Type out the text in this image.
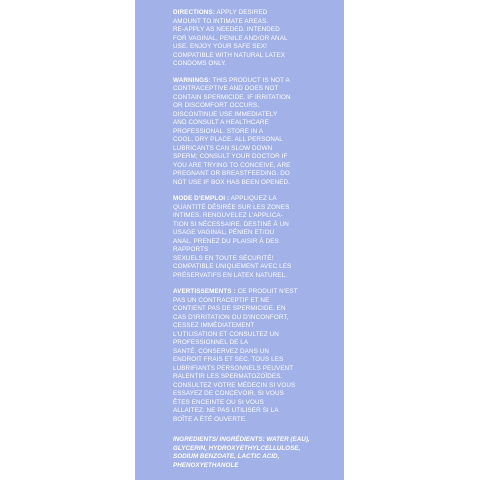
DIRECTIONS: APPLY DESIRED
AMOUNT TO INTIMATE AREAS.
RE-APPLY AS NEEDED. INTENDED
FOR VAGINAL, PENILE AND/OR ANAL
USE. ENJOY YOUR SAFE SEX!
COMPATIBLE WITH NATURAL LATEX
CONDOMS ONLY.
WARNINGS: THIS PRODUCT IS NOT A
CONTRACEPTIVE AND DOES NOT
CONTAIN SPERMICIDE. IF IRRITATION
OR DISCOMFORT OCCURS,
DISCONTINUE USE IMMEDIATELY
AND CONSULT A HEALTHCARE
PROFESSIONAL. STORE IN A
COOL, DRY PLACE. ALL PERSONAL
LUBRICANTS CAN SLOW DOWN
SPERM; CONSULT YOUR DOCTOR IF
YOU ARE TRYING TO CONCEIVE, ARE
PREGNANT OR BREASTFEEDING. DO
NOT USE IF BOX HAS BEEN OPENED.
MODE D'EMPLOI : APPLIQUEZ LA
QUANTITÉ DÉSIRÉE SUR LES ZONES
INTIMES. RENOUVELEZ L'APPLICA-
TION SI NÉCESSAIRE. DESTINÉ À UN
USAGE VAGINAL, PÉNIEN ET/OU
ANAL. PRENEZ DU PLAISIR À DES
RAPPORTS
SEXUELS EN TOUTE SÉCURITÉ!
COMPATIBLE UNIQUEMENT AVEC LES
PRÉSERVATIFS EN LATEX NATUREL.
AVERTISSEMENTS : CE PRODUIT N'EST
PAS UN CONTRACEPTIF ET NE
CONTIENT PAS DE SPERMICIDE. EN
CAS D'IRRITATION OU D'INCONFORT,
CESSEZ IMMÉDIATEMENT
L'UTILISATION ET CONSULTEZ UN
PROFESSIONNEL DE LA
SANTÉ. CONSERVEZ DANS UN
ENDROIT FRAIS ET SEC. TOUS LES
LUBRIFIANTS PERSONNELS PEUVENT
RALENTIR LES SPERMATOZOÏDES.
CONSULTEZ VOTRE MÉDECIN SI VOUS
ESSAYEZ DE CONCEVOIR, SI VOUS
ÊTES ENCEINTE OU SI VOUS
ALLAITEZ. NE PAS UTILISER SI LA
BOÎTE A ÉTÉ OUVERTE.
INGREDIENTS/ INGRÉDIENTS: WATER (EAU),
GLYCERIN, HYDROXYETHYLCELLULOSE,
SODIUM BENZOATE, LACTIC ACID,
PHENOXYETHANOLE
